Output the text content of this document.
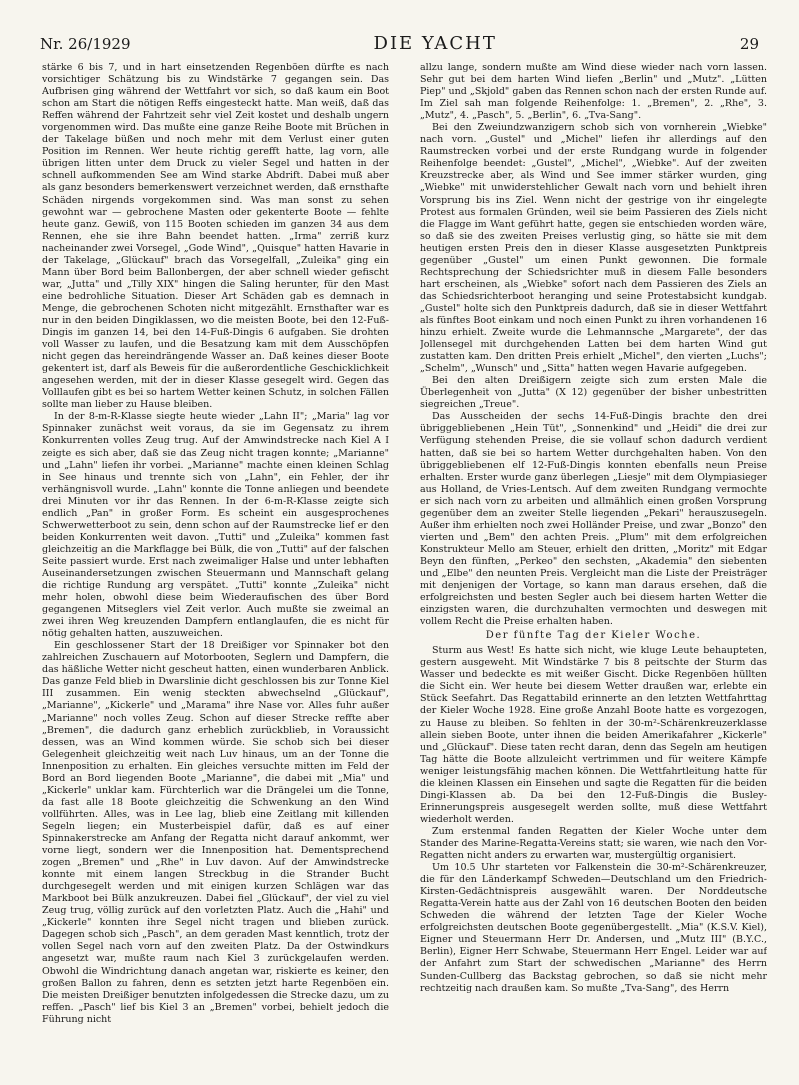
Nr. 26/1929	DIE YACHT	29

stärke 6 bis 7, und in hart einsetzenden Regenböen dürfte es nach vorsichtiger Schätzung bis zu Windstärke 7 gegangen sein. Das Aufbrisen ging während der Wettfahrt vor sich, so daß kaum ein Boot schon am Start die nötigen Reffs eingesteckt hatte. Man weiß, daß das Reffen während der Fahrtzeit sehr viel Zeit kostet und deshalb ungern vorgenommen wird. Das mußte eine ganze Reihe Boote mit Brüchen in der Takelage büßen und noch mehr mit dem Verlust einer guten Position im Rennen. Wer heute richtig gerefft hatte, lag vorn, alle übrigen litten unter dem Druck zu vieler Segel und hatten in der schnell aufkommenden See am Wind starke Abdrift. Dabei muß aber als ganz besonders bemerkenswert verzeichnet werden, daß ernsthafte Schäden nirgends vorgekommen sind. Was man sonst zu sehen gewohnt war — gebrochene Masten oder gekenterte Boote — fehlte heute ganz. Gewiß, von 115 Booten schieden im ganzen 34 aus dem Rennen, ehe sie ihre Bahn beendet hatten. „Irma" zerriß kurz nacheinander zwei Vorsegel, „Gode Wind", „Quisque" hatten Havarie in der Takelage, „Glückauf" brach das Vorsegelfall, „Zuleika" ging ein Mann über Bord beim Ballonbergen, der aber schnell wieder gefischt war, „Jutta" und „Tilly XIX" hingen die Saling herunter, für den Mast eine bedrohliche Situation. Dieser Art Schäden gab es demnach in Menge, die gebrochenen Schoten nicht mitgezählt. Ernsthafter war es nur in den beiden Dingiklassen, wo die meisten Boote, bei den 12-Fuß-Dingis im ganzen 14, bei den 14-Fuß-Dingis 6 aufgaben. Sie drohten voll Wasser zu laufen, und die Besatzung kam mit dem Ausschöpfen nicht gegen das hereindrängende Wasser an. Daß keines dieser Boote gekentert ist, darf als Beweis für die außerordentliche Geschicklichkeit angesehen werden, mit der in dieser Klasse gesegelt wird. Gegen das Volllaufen gibt es bei so hartem Wetter keinen Schutz, in solchen Fällen sollte man lieber zu Hause bleiben.

In der 8-m-R-Klasse siegte heute wieder „Lahn II"; „Maria" lag vor Spinnaker zunächst weit voraus, da sie im Gegensatz zu ihrem Konkurrenten volles Zeug trug. Auf der Amwindstrecke nach Kiel A I zeigte es sich aber, daß sie das Zeug nicht tragen konnte; „Marianne" und „Lahn" liefen ihr vorbei. „Marianne" machte einen kleinen Schlag in See hinaus und trennte sich von „Lahn", ein Fehler, der ihr verhängnisvoll wurde. „Lahn" konnte die Tonne anliegen und beendete drei Minuten vor ihr das Rennen. In der 6-m-R-Klasse zeigte sich endlich „Pan" in großer Form. Es scheint ein ausgesprochenes Schwerwetterboot zu sein, denn schon auf der Raumstrecke lief er den beiden Konkurrenten weit davon. „Tutti" und „Zuleika" kommen fast gleichzeitig an die Markflagge bei Bülk, die von „Tutti" auf der falschen Seite passiert wurde. Erst nach zweimaliger Halse und unter lebhaften Auseinandersetzungen zwischen Steuermann und Mannschaft gelang die richtige Rundung arg verspätet. „Tutti" konnte „Zuleika" nicht mehr holen, obwohl diese beim Wiederaufischen des über Bord gegangenen Mitseglers viel Zeit verlor. Auch mußte sie zweimal an zwei ihren Weg kreuzenden Dampfern entlanglaufen, die es nicht für nötig gehalten hatten, auszuweichen.

Ein geschlossener Start der 18 Dreißiger vor Spinnaker bot den zahlreichen Zuschauern auf Motorbooten, Seglern und Dampfern, die das häßliche Wetter nicht gescheut hatten, einen wunderbaren Anblick. Das ganze Feld blieb in Dwarslinie dicht geschlossen bis zur Tonne Kiel III zusammen. Ein wenig steckten abwechselnd „Glückauf", „Marianne", „Kickerle" und „Marama" ihre Nase vor. Alles fuhr außer „Marianne" noch volles Zeug. Schon auf dieser Strecke reffte aber „Bremen", die dadurch ganz erheblich zurückblieb, in Voraussicht dessen, was an Wind kommen würde. Sie schob sich bei dieser Gelegenheit gleichzeitig weit nach Luv hinaus, um an der Tonne die Innenposition zu erhalten. Ein gleiches versuchte mitten im Feld der Bord an Bord liegenden Boote „Marianne", die dabei mit „Mia" und „Kickerle" unklar kam. Fürchterlich war die Drängelei um die Tonne, da fast alle 18 Boote gleichzeitig die Schwenkung an den Wind vollführten. Alles, was in Lee lag, blieb eine Zeitlang mit killenden Segeln liegen; ein Musterbeispiel dafür, daß es auf einer Spinnakerstrecke am Anfang der Regatta nicht darauf ankommt, wer vorne liegt, sondern wer die Innenposition hat. Dementsprechend zogen „Bremen" und „Rhe" in Luv davon. Auf der Amwindstrecke konnte mit einem langen Streckbug in die Strander Bucht durchgesegelt werden und mit einigen kurzen Schlägen war das Markboot bei Bülk anzukreuzen. Dabei fiel „Glückauf", der viel zu viel Zeug trug, völlig zurück auf den vorletzten Platz. Auch die „Hahi" und „Kickerle" konnten ihre Segel nicht tragen und blieben zurück. Dagegen schob sich „Pasch", an dem geraden Mast kenntlich, trotz der vollen Segel nach vorn auf den zweiten Platz. Da der Ostwindkurs angesetzt war, mußte raum nach Kiel 3 zurückgelaufen werden. Obwohl die Windrichtung danach angetan war, riskierte es keiner, den großen Ballon zu fahren, denn es setzten jetzt harte Regenböen ein. Die meisten Dreißiger benutzten infolgedessen die Strecke dazu, um zu reffen. „Pasch" lief bis Kiel 3 an „Bremen" vorbei, behielt jedoch die Führung nicht

allzu lange, sondern mußte am Wind diese wieder nach vorn lassen. Sehr gut bei dem harten Wind liefen „Berlin" und „Mutz". „Lütten Piep" und „Skjold" gaben das Rennen schon nach der ersten Runde auf. Im Ziel sah man folgende Reihenfolge: 1. „Bremen", 2. „Rhe", 3. „Mutz", 4. „Pasch", 5. „Berlin", 6. „Tva-Sang".

Bei den Zweiundzwanzigern schob sich von vornherein „Wiebke" nach vorn. „Gustel" und „Michel" liefen ihr allerdings auf den Raumstrecken vorbei und der erste Rundgang wurde in folgender Reihenfolge beendet: „Gustel", „Michel", „Wiebke". Auf der zweiten Kreuzstrecke aber, als Wind und See immer stärker wurden, ging „Wiebke" mit unwiderstehlicher Gewalt nach vorn und behielt ihren Vorsprung bis ins Ziel. Wenn nicht der gestrige von ihr eingelegte Protest aus formalen Gründen, weil sie beim Passieren des Ziels nicht die Flagge im Want geführt hatte, gegen sie entschieden worden wäre, so daß sie des zweiten Preises verlustig ging, so hätte sie mit dem heutigen ersten Preis den in dieser Klasse ausgesetzten Punktpreis gegenüber „Gustel" um einen Punkt gewonnen. Die formale Rechtsprechung der Schiedsrichter muß in diesem Falle besonders hart erscheinen, als „Wiebke" sofort nach dem Passieren des Ziels an das Schiedsrichterboot heranging und seine Protestabsicht kundgab. „Gustel" holte sich den Punktpreis dadurch, daß sie in dieser Wettfahrt als fünftes Boot einkam und noch einen Punkt zu ihren vorhandenen 16 hinzu erhielt. Zweite wurde die Lehmannsche „Margarete", der das Jollensegel mit durchgehenden Latten bei dem harten Wind gut zustatten kam. Den dritten Preis erhielt „Michel", den vierten „Luchs"; „Schelm", „Wunsch" und „Sitta" hatten wegen Havarie aufgegeben.

Bei den alten Dreißigern zeigte sich zum ersten Male die Überlegenheit von „Jutta" (X 12) gegenüber der bisher unbestritten siegreichen „Treue".

Das Ausscheiden der sechs 14-Fuß-Dingis brachte den drei übriggebliebenen „Hein Tüt", „Sonnenkind" und „Heidi" die drei zur Verfügung stehenden Preise, die sie vollauf schon dadurch verdient hatten, daß sie bei so hartem Wetter durchgehalten haben. Von den übriggebliebenen elf 12-Fuß-Dingis konnten ebenfalls neun Preise erhalten. Erster wurde ganz überlegen „Liesje" mit dem Olympiasieger aus Holland, de Vries-Lentsch. Auf dem zweiten Rundgang vermochte er sich nach vorn zu arbeiten und allmählich einen großen Vorsprung gegenüber dem an zweiter Stelle liegenden „Pekari" herauszusegeln. Außer ihm erhielten noch zwei Holländer Preise, und zwar „Bonzo" den vierten und „Bem" den achten Preis. „Plum" mit dem erfolgreichen Konstrukteur Mello am Steuer, erhielt den dritten, „Moritz" mit Edgar Beyn den fünften, „Perkeo" den sechsten, „Akademia" den siebenten und „Elbe" den neunten Preis. Vergleicht man die Liste der Preisträger mit denjenigen der Vortage, so kann man daraus ersehen, daß die erfolgreichsten und besten Segler auch bei diesem harten Wetter die einzigsten waren, die durchzuhalten vermochten und deswegen mit vollem Recht die Preise erhalten haben.

Der fünfte Tag der Kieler Woche.

Sturm aus West! Es hatte sich nicht, wie kluge Leute behaupteten, gestern ausgeweht. Mit Windstärke 7 bis 8 peitschte der Sturm das Wasser und bedeckte es mit weißer Gischt. Dicke Regenböen hüllten die Sicht ein. Wer heute bei diesem Wetter draußen war, erlebte ein Stück Seefahrt. Das Regattabild erinnerte an den letzten Wettfahrttag der Kieler Woche 1928. Eine große Anzahl Boote hatte es vorgezogen, zu Hause zu bleiben. So fehlten in der 30-m²-Schärenkreuzerklasse allein sieben Boote, unter ihnen die beiden Amerikafahrer „Kickerle" und „Glückauf". Diese taten recht daran, denn das Segeln am heutigen Tag hätte die Boote allzuleicht vertrimmen und für weitere Kämpfe weniger leistungsfähig machen können. Die Wettfahrtleitung hatte für die kleinen Klassen ein Einsehen und sagte die Regatten für die beiden Dingi-Klassen ab. Da bei den 12-Fuß-Dingis die Busley-Erinnerungspreis ausgesegelt werden sollte, muß diese Wettfahrt wiederholt werden.

Zum erstenmal fanden Regatten der Kieler Woche unter dem Stander des Marine-Regatta-Vereins statt; sie waren, wie nach den Vor-Regatten nicht anders zu erwarten war, mustergültig organisiert.

Um 10.5 Uhr starteten vor Falkenstein die 30-m²-Schärenkreuzer, die für den Länderkampf Schweden—Deutschland um den Friedrich-Kirsten-Gedächtnispreis ausgewählt waren. Der Norddeutsche Regatta-Verein hatte aus der Zahl von 16 deutschen Booten den beiden Schweden die während der letzten Tage der Kieler Woche erfolgreichsten deutschen Boote gegenübergestellt. „Mia" (K.S.V. Kiel), Eigner und Steuermann Herr Dr. Andersen, und „Mutz III" (B.Y.C., Berlin), Eigner Herr Schwabe, Steuermann Herr Engel. Leider war auf der Anfahrt zum Start der schwedischen „Marianne" des Herrn Sunden-Cullberg das Backstag gebrochen, so daß sie nicht mehr rechtzeitig nach draußen kam. So mußte „Tva-Sang", des Herrn
